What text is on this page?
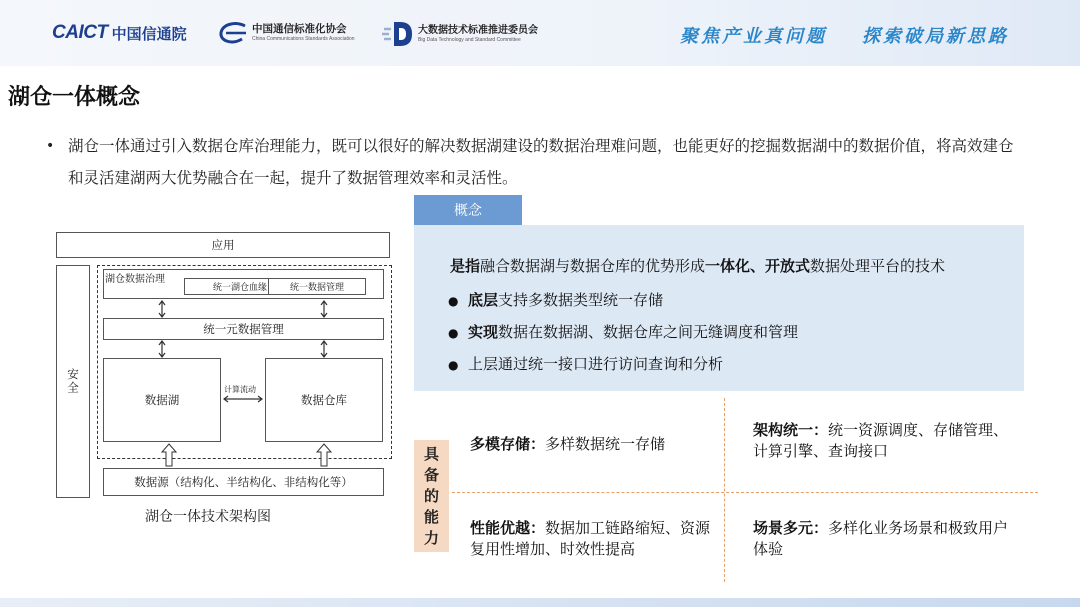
CAICT 中国信通院	中国通信标准化协会
China Communications Standards Association
大数据技术标准推进委员会
Big Data Technology and Standard Committee	聚焦产业真问题 探索破局新思路
湖仓一体概念
• 湖仓一体通过引入数据仓库治理能力，既可以很好的解决数据湖建设的数据治理难问题，也能更好的挖掘数据湖中的数据价值，将高效建仓和灵活建湖两大优势融合在一起，提升了数据管理效率和灵活性。
应用
安全
湖仓数据治理
统一湖仓血缘	统一数据管理
统一元数据管理
数据湖	数据仓库
计算流动
数据源（结构化、半结构化、非结构化等）
湖仓一体技术架构图
概念
是指融合数据湖与数据仓库的优势形成一体化、开放式数据处理平台的技术
● 底层支持多数据类型统一存储
● 实现数据在数据湖、数据仓库之间无缝调度和管理
● 上层通过统一接口进行访问查询和分析
具
备
的
能
力
多模存储：多样数据统一存储
架构统一：统一资源调度、存储管理、计算引擎、查询接口
性能优越：数据加工链路缩短、资源复用性增加、时效性提高
场景多元：多样化业务场景和极致用户体验
